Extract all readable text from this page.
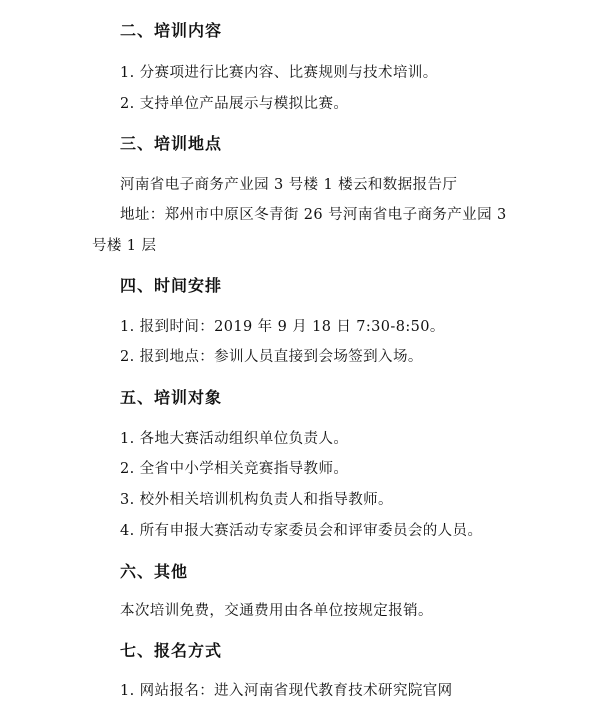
二、培训内容
1. 分赛项进行比赛内容、比赛规则与技术培训。
2. 支持单位产品展示与模拟比赛。
三、培训地点
河南省电子商务产业园 3 号楼 1 楼云和数据报告厅
地址：郑州市中原区冬青街 26 号河南省电子商务产业园 3
号楼 1 层
四、时间安排
1. 报到时间：2019 年 9 月 18 日 7:30-8:50。
2. 报到地点：参训人员直接到会场签到入场。
五、培训对象
1. 各地大赛活动组织单位负责人。
2. 全省中小学相关竞赛指导教师。
3. 校外相关培训机构负责人和指导教师。
4. 所有申报大赛活动专家委员会和评审委员会的人员。
六、其他
本次培训免费，交通费用由各单位按规定报销。
七、报名方式
1. 网站报名：进入河南省现代教育技术研究院官网
